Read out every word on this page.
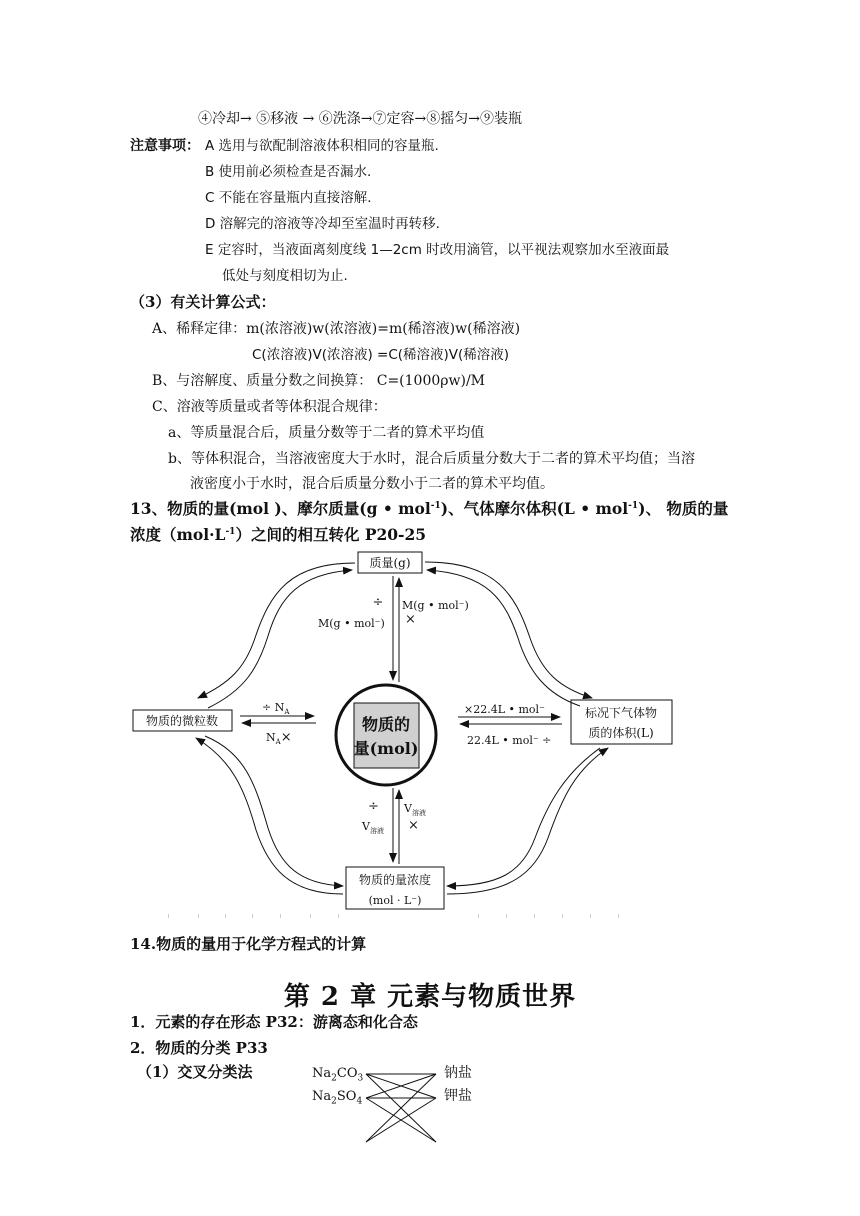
④冷却→ ⑤移液 → ⑥洗涤→⑦定容→⑧摇匀→⑨装瓶
注意事项： A 选用与欲配制溶液体积相同的容量瓶.
B 使用前必须检查是否漏水.
C 不能在容量瓶内直接溶解.
D 溶解完的溶液等冷却至室温时再转移.
E 定容时，当液面离刻度线 1—2cm 时改用滴管，以平视法观察加水至液面最
低处与刻度相切为止.
（3）有关计算公式：
A、稀释定律：m(浓溶液)w(浓溶液)=m(稀溶液)w(稀溶液)
C(浓溶液)V(浓溶液) =C(稀溶液)V(稀溶液)
B、与溶解度、质量分数之间换算： C=(1000ρw)/M
C、溶液等质量或者等体积混合规律：
a、等质量混合后，质量分数等于二者的算术平均值
b、等体积混合，当溶液密度大于水时，混合后质量分数大于二者的算术平均值；当溶
液密度小于水时，混合后质量分数小于二者的算术平均值。
13、物质的量(mol )、摩尔质量(g • mol$^{-1}$)、气体摩尔体积(L • mol$^{-1}$)、 物质的量
浓度$(mol\cdot L^{-1})$之间的相互转化 P20-25
物质的
量(mol)
质量(g)
物质的微粒数
标况下气体物
质的体积(L)
物质的量浓度
(mol · L⁻)
÷ M(g • mol⁻)
×
M(g • mol⁻)
÷ $V_{溶液}$
×
$V_{溶液}$
÷ $N_A$
$N_A\times$
×22.4L • mol⁻
22.4L • mol⁻ ÷
14.物质的量用于化学方程式的计算
第 2 章 元素与物质世界
1．元素的存在形态 P32：游离态和化合态
2．物质的分类 P33
（1）交叉分类法	$Na_2CO_3$
$Na_2SO_4$
钠盐
钾盐
